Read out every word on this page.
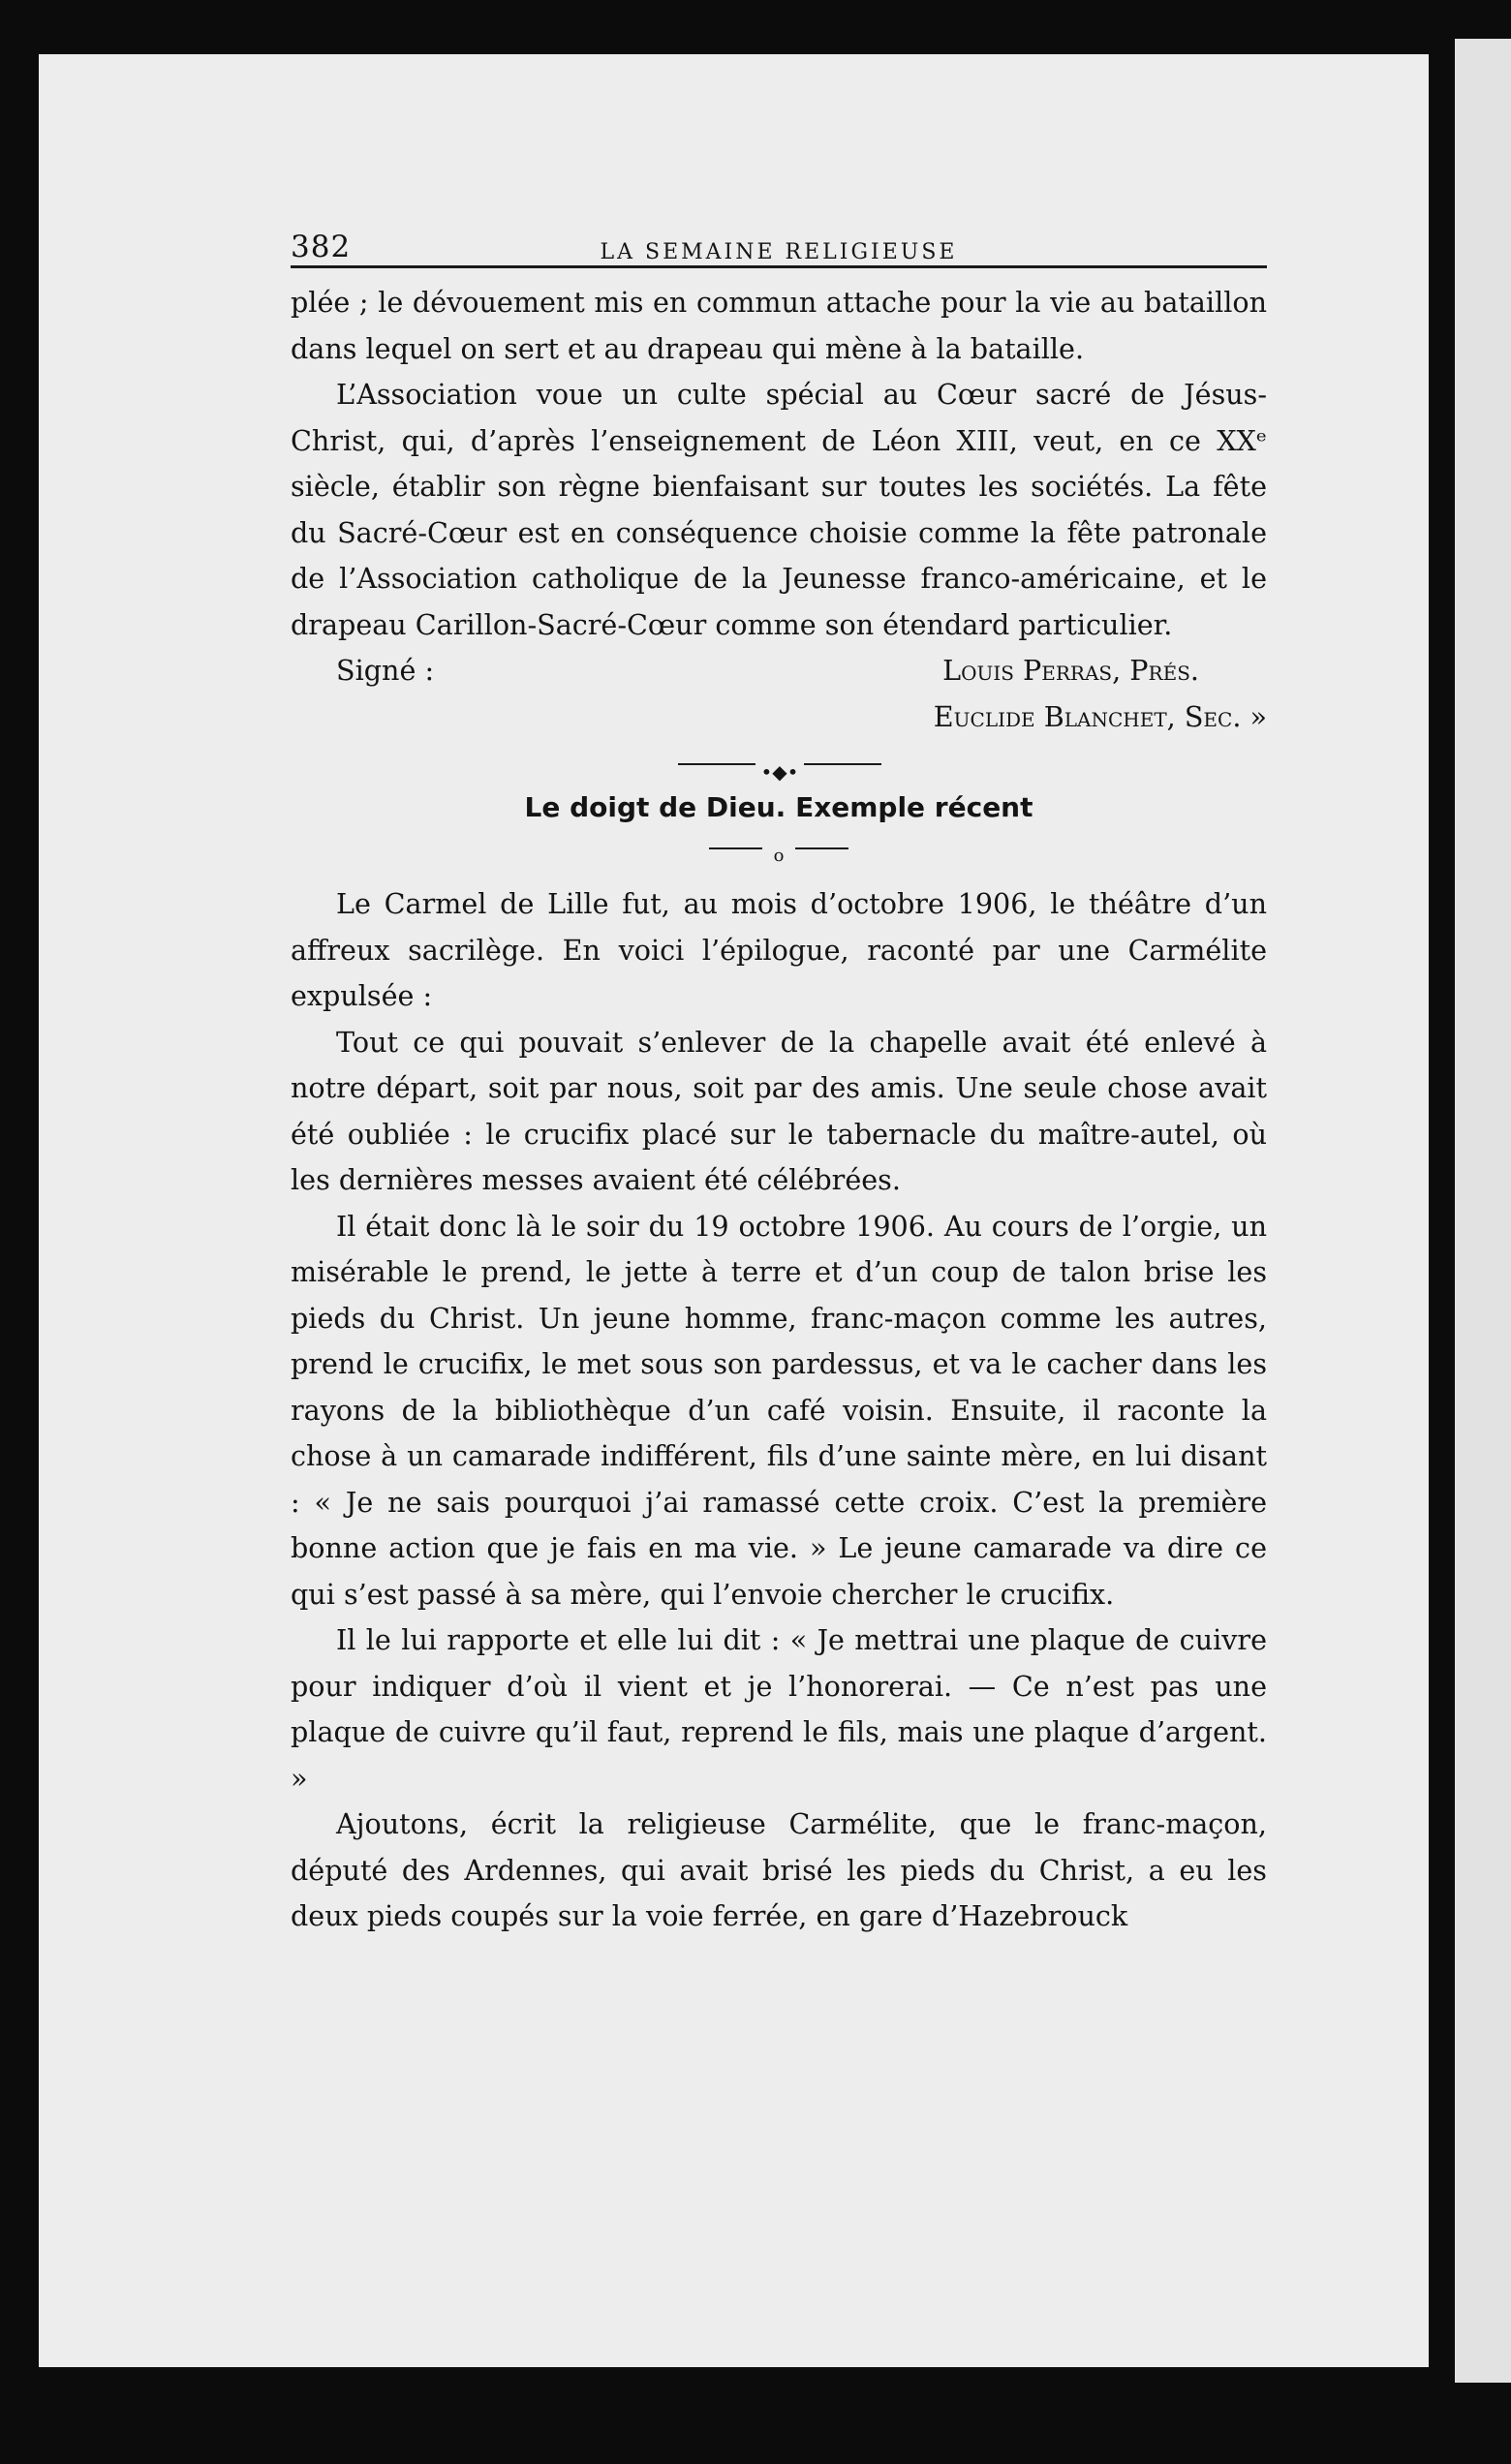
382	LA SEMAINE RELIGIEUSE

plée ; le dévouement mis en commun attache pour la vie au bataillon dans lequel on sert et au drapeau qui mène à la bataille.

L’Association voue un culte spécial au Cœur sacré de Jésus-Christ, qui, d’après l’enseignement de Léon XIII, veut, en ce XXᵉ siècle, établir son règne bienfaisant sur toutes les sociétés. La fête du Sacré-Cœur est en conséquence choisie comme la fête patronale de l’Association catholique de la Jeunesse franco-américaine, et le drapeau Carillon-Sacré-Cœur comme son étendard particulier.

Signé :	Louis Perras, Prés.
Euclide Blanchet, Sec. »
•◆•
Le doigt de Dieu. Exemple récent
o

Le Carmel de Lille fut, au mois d’octobre 1906, le théâtre d’un affreux sacrilège. En voici l’épilogue, raconté par une Carmélite expulsée :

Tout ce qui pouvait s’enlever de la chapelle avait été enlevé à notre départ, soit par nous, soit par des amis. Une seule chose avait été oubliée : le crucifix placé sur le tabernacle du maître-autel, où les dernières messes avaient été célébrées.

Il était donc là le soir du 19 octobre 1906. Au cours de l’orgie, un misérable le prend, le jette à terre et d’un coup de talon brise les pieds du Christ. Un jeune homme, franc-maçon comme les autres, prend le crucifix, le met sous son pardessus, et va le cacher dans les rayons de la bibliothèque d’un café voisin. Ensuite, il raconte la chose à un camarade indifférent, fils d’une sainte mère, en lui disant : « Je ne sais pourquoi j’ai ramassé cette croix. C’est la première bonne action que je fais en ma vie. » Le jeune camarade va dire ce qui s’est passé à sa mère, qui l’envoie chercher le crucifix.

Il le lui rapporte et elle lui dit : « Je mettrai une plaque de cuivre pour indiquer d’où il vient et je l’honorerai. — Ce n’est pas une plaque de cuivre qu’il faut, reprend le fils, mais une plaque d’argent. »

Ajoutons, écrit la religieuse Carmélite, que le franc-maçon, député des Ardennes, qui avait brisé les pieds du Christ, a eu les deux pieds coupés sur la voie ferrée, en gare d’Hazebrouck
